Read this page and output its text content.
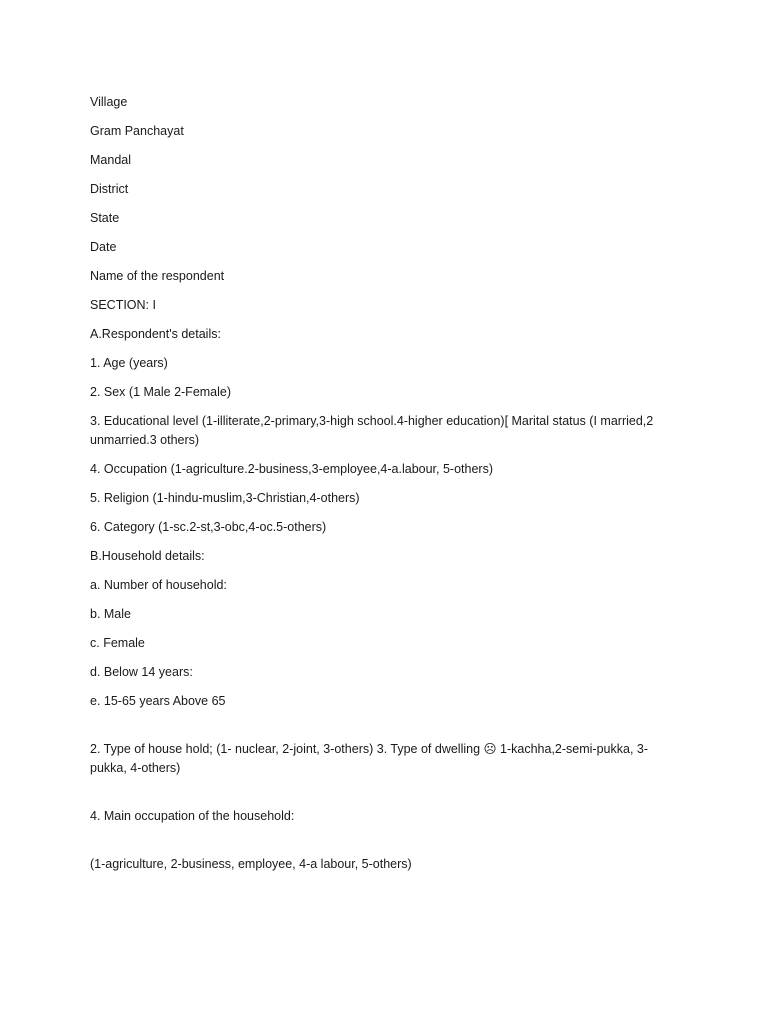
Village

Gram Panchayat

Mandal

District

State

Date

Name of the respondent

SECTION: I

A.Respondent's details:

1. Age (years)

2. Sex (1 Male 2-Female)

3. Educational level (1-illiterate,2-primary,3-high school.4-higher education)[ Marital status (I married,2 unmarried.3 others)

4. Occupation (1-agriculture.2-business,3-employee,4-a.labour, 5-others)

5. Religion (1-hindu-muslim,3-Christian,4-others)

6. Category (1-sc.2-st,3-obc,4-oc.5-others)

B.Household details:

a. Number of household:

b. Male

c. Female

d. Below 14 years:

e. 15-65 years Above 65

2. Type of house hold; (1- nuclear, 2-joint, 3-others) 3. Type of dwelling ☹ 1-kachha,2-semi-pukka, 3-pukka, 4-others)

4. Main occupation of the household:

(1-agriculture, 2-business, employee, 4-a labour, 5-others)
